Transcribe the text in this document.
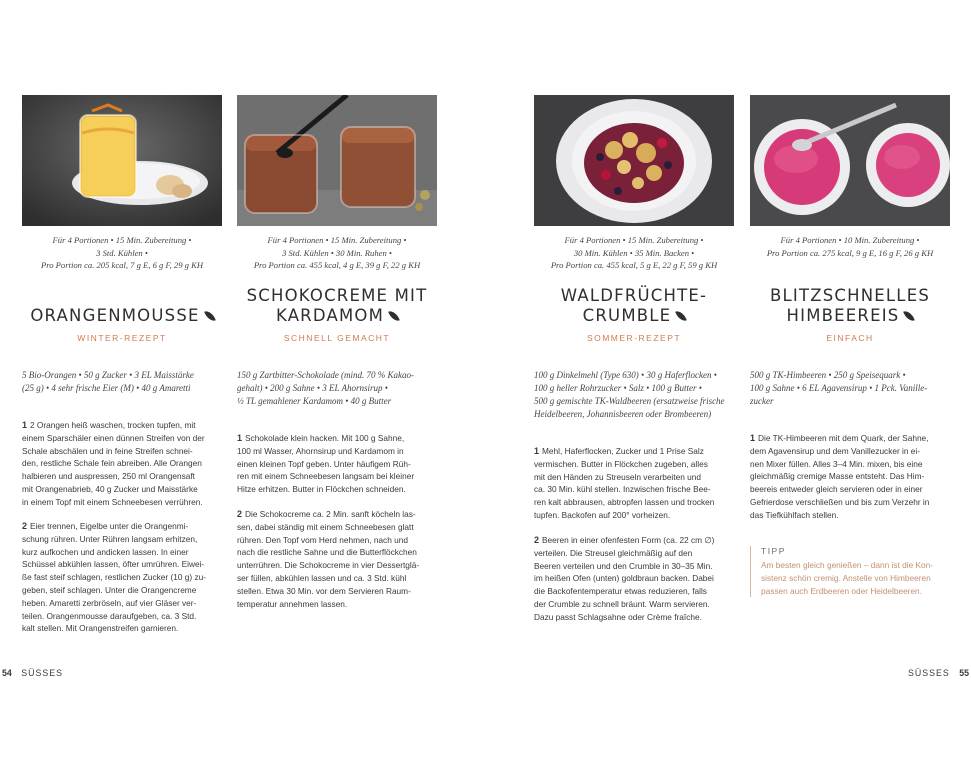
Für 4 Portionen • 15 Min. Zubereitung •
3 Std. Kühlen •
Pro Portion ca. 205 kcal, 7 g E, 6 g F, 29 g KH
ORANGENMOUSSE
WINTER-REZEPT
5 Bio-Orangen • 50 g Zucker • 3 EL Maisstärke
(25 g) • 4 sehr frische Eier (M) • 40 g Amaretti
1 2 Orangen heiß waschen, trocken tupfen, mit
einem Sparschäler einen dünnen Streifen von der
Schale abschälen und in feine Streifen schnei-
den, restliche Schale fein abreiben. Alle Orangen
halbieren und auspressen, 250 ml Orangensaft
mit Orangenabrieb, 40 g Zucker und Maisstärke
in einem Topf mit einem Schneebesen verrühren.
2 Eier trennen, Eigelbe unter die Orangenmi-
schung rühren. Unter Rühren langsam erhitzen,
kurz aufkochen und andicken lassen. In einer
Schüssel abkühlen lassen, öfter umrühren. Eiwei-
ße fast steif schlagen, restlichen Zucker (10 g) zu-
geben, steif schlagen. Unter die Orangencreme
heben. Amaretti zerbröseln, auf vier Gläser ver-
teilen. Orangenmousse daraufgeben, ca. 3 Std.
kalt stellen. Mit Orangenstreifen garnieren.
Für 4 Portionen • 15 Min. Zubereitung •
3 Std. Kühlen • 30 Min. Ruhen •
Pro Portion ca. 455 kcal, 4 g E, 39 g F, 22 g KH
SCHOKOCREME MIT
KARDAMOM
SCHNELL GEMACHT
150 g Zartbitter-Schokolade (mind. 70 % Kakao-
gehalt) • 200 g Sahne • 3 EL Ahornsirup •
½ TL gemahlener Kardamom • 40 g Butter
1 Schokolade klein hacken. Mit 100 g Sahne,
100 ml Wasser, Ahornsirup und Kardamom in
einen kleinen Topf geben. Unter häufigem Rüh-
ren mit einem Schneebesen langsam bei kleiner
Hitze erhitzen. Butter in Flöckchen schneiden.
2 Die Schokocreme ca. 2 Min. sanft köcheln las-
sen, dabei ständig mit einem Schneebesen glatt
rühren. Den Topf vom Herd nehmen, nach und
nach die restliche Sahne und die Butterflöckchen
unterrühren. Die Schokocreme in vier Dessertglä-
ser füllen, abkühlen lassen und ca. 3 Std. kühl
stellen. Etwa 30 Min. vor dem Servieren Raum-
temperatur annehmen lassen.
Für 4 Portionen • 15 Min. Zubereitung •
30 Min. Kühlen • 35 Min. Backen •
Pro Portion ca. 455 kcal, 5 g E, 22 g F, 59 g KH
WALDFRÜCHTE-
CRUMBLE
SOMMER-REZEPT
100 g Dinkelmehl (Type 630) • 30 g Haferflocken •
100 g heller Rohrzucker • Salz • 100 g Butter •
500 g gemischte TK-Waldbeeren (ersatzweise frische
Heidelbeeren, Johannisbeeren oder Brombeeren)
1 Mehl, Haferflocken, Zucker und 1 Prise Salz
vermischen. Butter in Flöckchen zugeben, alles
mit den Händen zu Streuseln verarbeiten und
ca. 30 Min. kühl stellen. Inzwischen frische Bee-
ren kalt abbrausen, abtropfen lassen und trocken
tupfen. Backofen auf 200° vorheizen.
2 Beeren in einer ofenfesten Form (ca. 22 cm ∅)
verteilen. Die Streusel gleichmäßig auf den
Beeren verteilen und den Crumble in 30–35 Min.
im heißen Ofen (unten) goldbraun backen. Dabei
die Backofentemperatur etwas reduzieren, falls
der Crumble zu schnell bräunt. Warm servieren.
Dazu passt Schlagsahne oder Crème fraîche.
Für 4 Portionen • 10 Min. Zubereitung •
Pro Portion ca. 275 kcal, 9 g E, 16 g F, 26 g KH
BLITZSCHNELLES
HIMBEEREIS
EINFACH
500 g TK-Himbeeren • 250 g Speisequark •
100 g Sahne • 6 EL Agavensirup • 1 Pck. Vanille-
zucker
1 Die TK-Himbeeren mit dem Quark, der Sahne,
dem Agavensirup und dem Vanillezucker in ei-
nen Mixer füllen. Alles 3–4 Min. mixen, bis eine
gleichmäßig cremige Masse entsteht. Das Him-
beereis entweder gleich servieren oder in einer
Gefrierdose verschließen und bis zum Verzehr in
das Tiefkühlfach stellen.
TIPP
Am besten gleich genießen – dann ist die Kon-
sistenz schön cremig. Anstelle von Himbeeren
passen auch Erdbeeren oder Heidelbeeren.
54 SÜSSES	SÜSSES 55
